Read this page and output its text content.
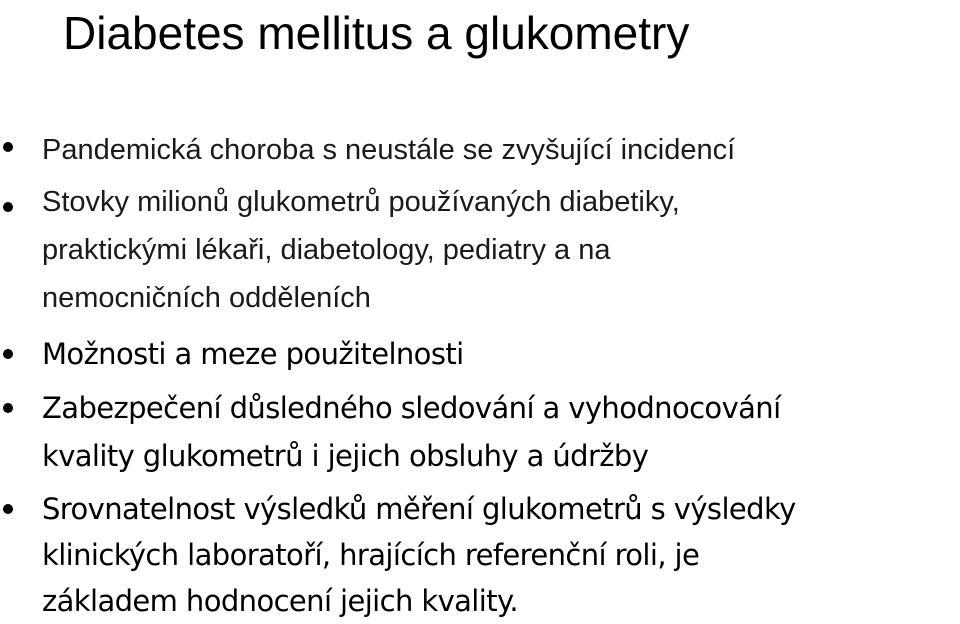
Diabetes mellitus a glukometry
Pandemická choroba s neustále se zvyšující incidencí
Stovky milionů glukometrů používaných diabetiky,
praktickými lékaři, diabetology, pediatry a na
nemocničních odděleních
Možnosti a meze použitelnosti
Zabezpečení důsledného sledování a vyhodnocování
kvality glukometrů i jejich obsluhy a údržby
Srovnatelnost výsledků měření glukometrů s výsledky
klinických laboratoří, hrajících referenční roli, je
základem hodnocení jejich kvality.
